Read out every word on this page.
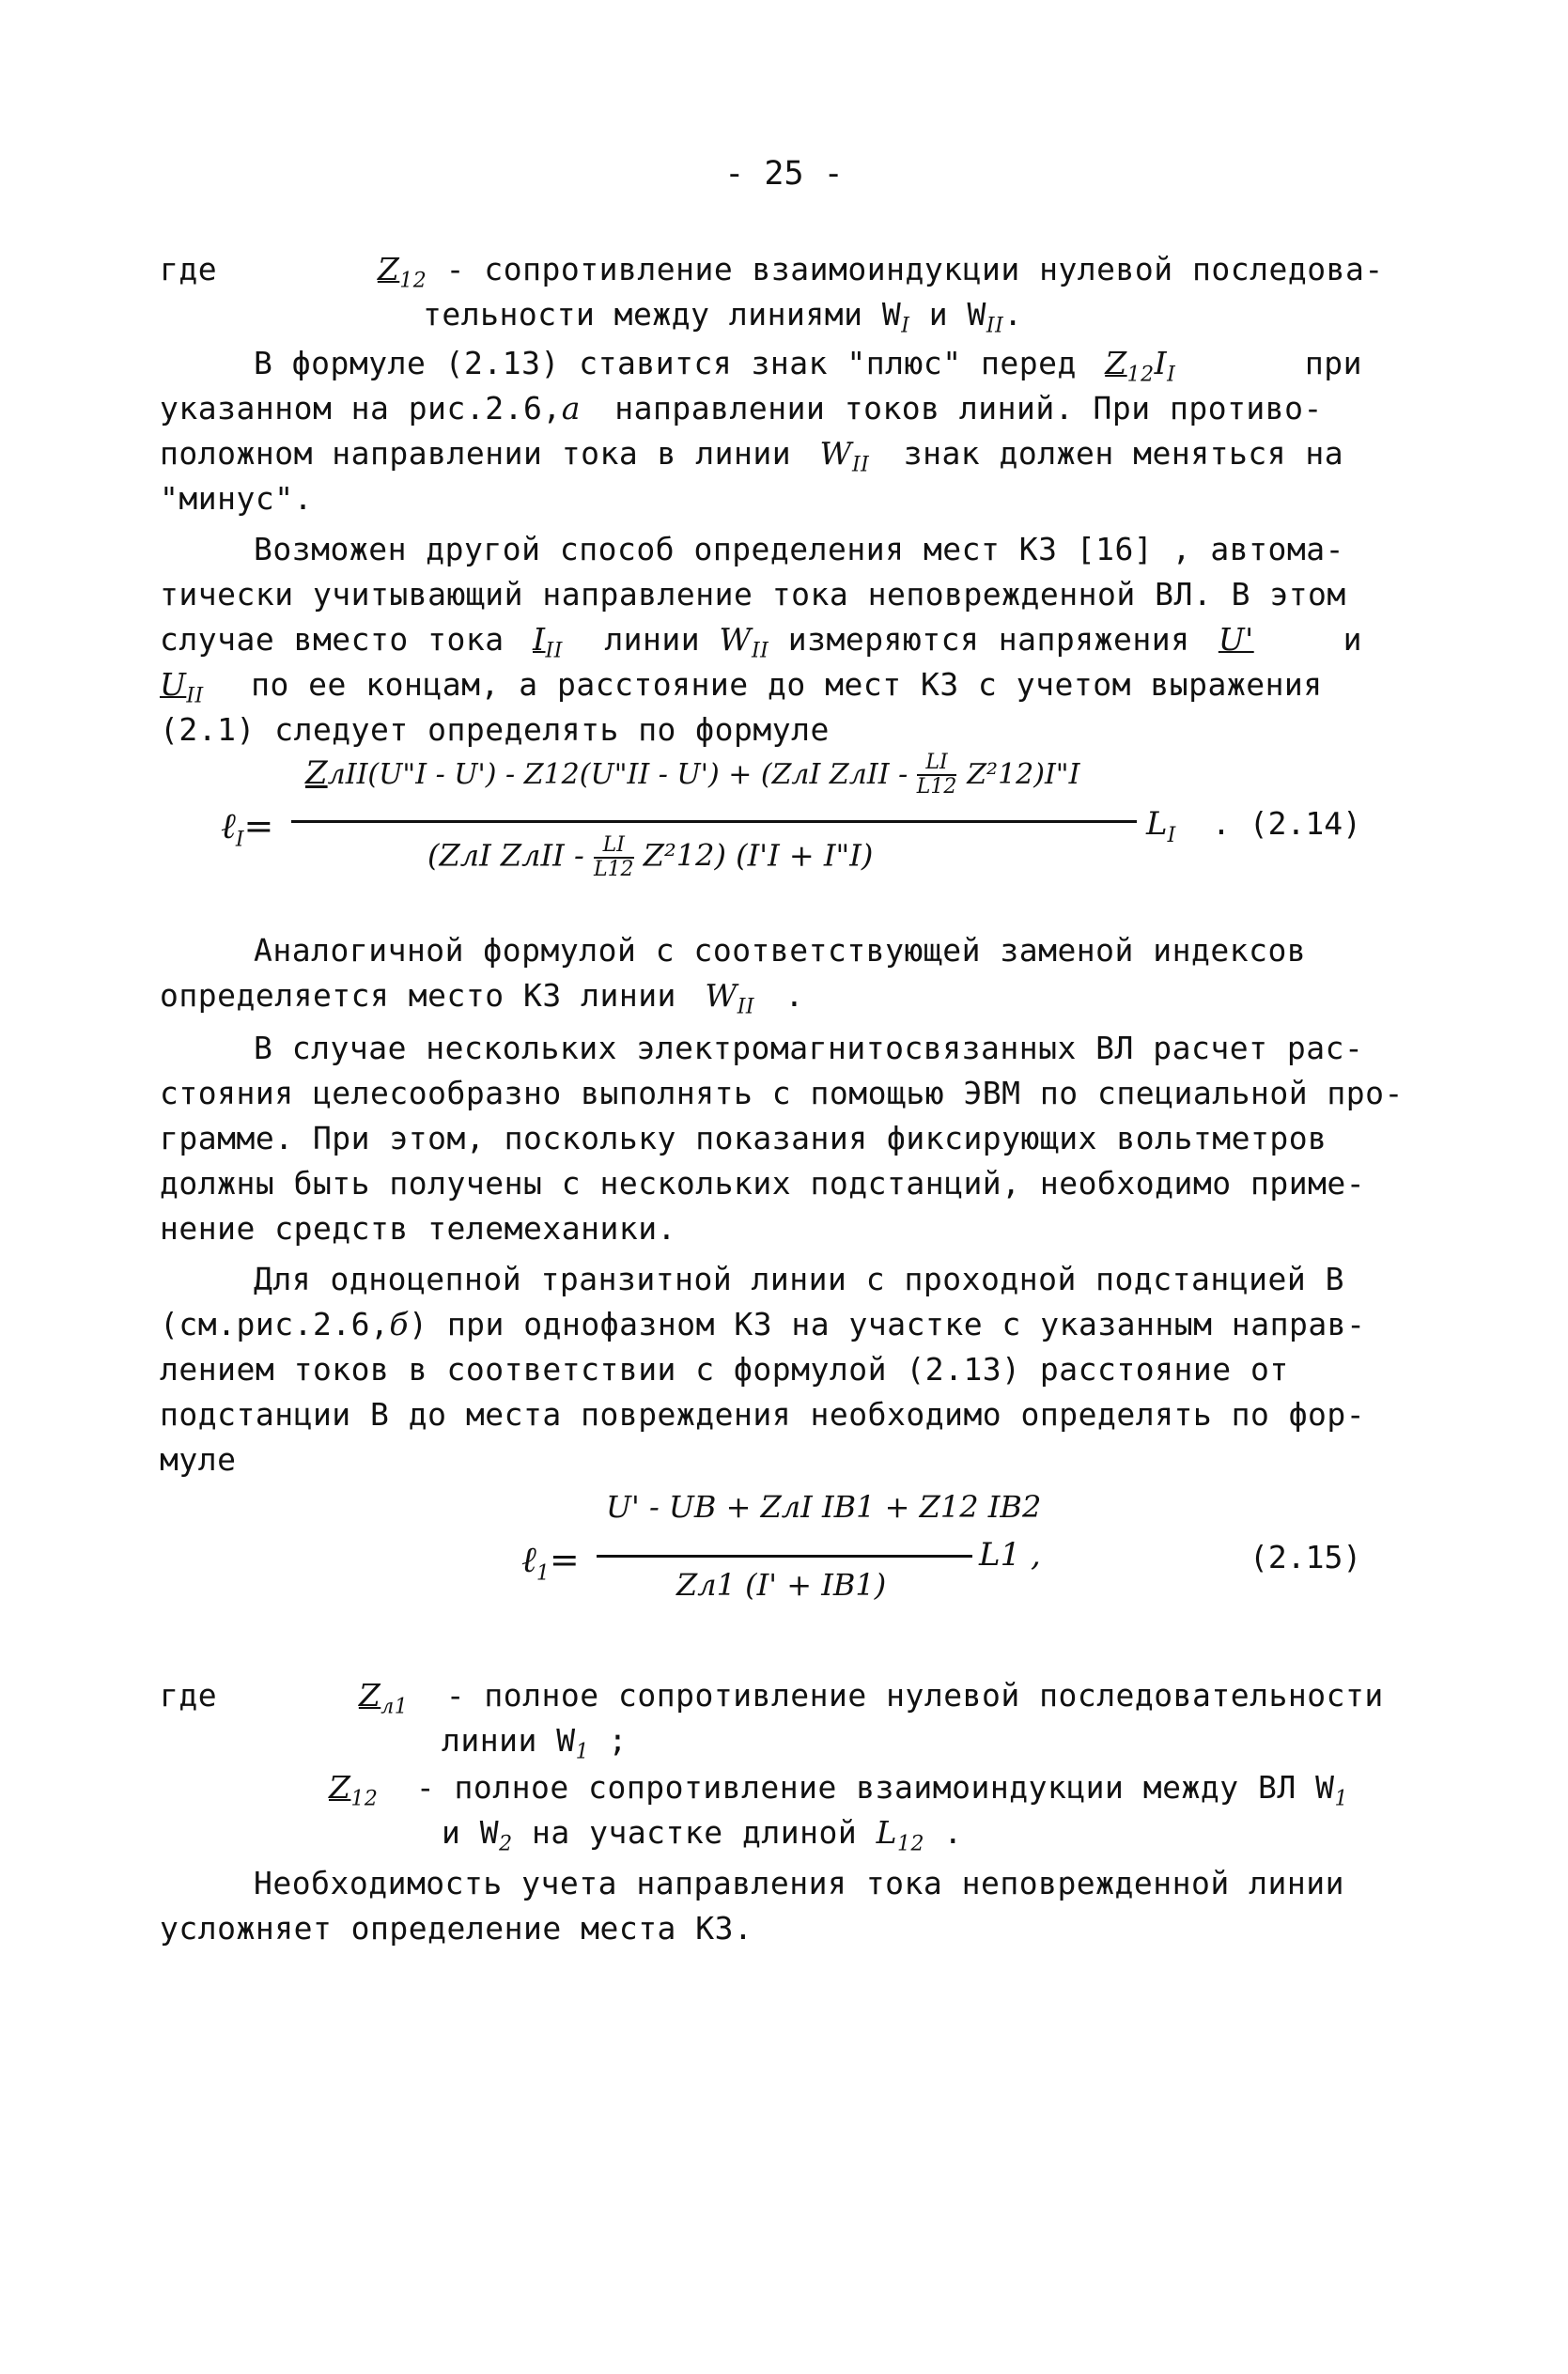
- 25 -
где	$Z_{12}$ - сопротивление взаимоиндукции нулевой последова-
тельности между линиями $W_I$ и $W_{II}$.
В формуле (2.13) ставится знак "плюс" перед $Z_{12}I_I$	при
указанном на рис.2.6,a направлении токов линий. При противо-
положном направлении тока в линии $W_{II}$ знак должен меняться на
"минус".
Возможен другой способ определения мест КЗ [16] , автома-
тически учитывающий направление тока неповрежденной ВЛ. В этом
случае вместо тока $I_{II}$ линии $W_{II}$ измеряются напряжения U'	и
$U_{II}$ по ее концам, а расстояние до мест КЗ с учетом выражения
(2.1) следует определять по формуле
ℓ$_I$=
ZлII(U"I - U') - Z12(U"II - U') + (ZлI ZлII - $\frac{LI}{L12}$ Z²12)I"I
(ZлI ZлII - $\frac{LI}{L12} Z^212$) (I'I + I"I)
$L_I$ . (2.14)
Аналогичной формулой с соответствующей заменой индексов
определяется место КЗ линии $W_{II}$ .
В случае нескольких электромагнитосвязанных ВЛ расчет рас-
стояния целесообразно выполнять с помощью ЭВМ по специальной про-
грамме. При этом, поскольку показания фиксирующих вольтметров
должны быть получены с нескольких подстанций, необходимо приме-
нение средств телемеханики.
Для одноцепной транзитной линии с проходной подстанцией В
(см.рис.2.6,б) при однофазном КЗ на участке с указанным направ-
лением токов в соответствии с формулой (2.13) расстояние от
подстанции В до места повреждения необходимо определять по фор-
муле
ℓ$_1$=
U' - UB + ZлI IB1 + Z12 IB2
Zл1 (I' + IB1)
L1 ,	(2.15)
где	$Z_{л1}$ - полное сопротивление нулевой последовательности
линии $W_1$ ;
$Z_{12}$ - полное сопротивление взаимоиндукции между ВЛ $W_1$
и $W_2$ на участке длиной $L_{12}$ .
Необходимость учета направления тока неповрежденной линии
усложняет определение места КЗ.
